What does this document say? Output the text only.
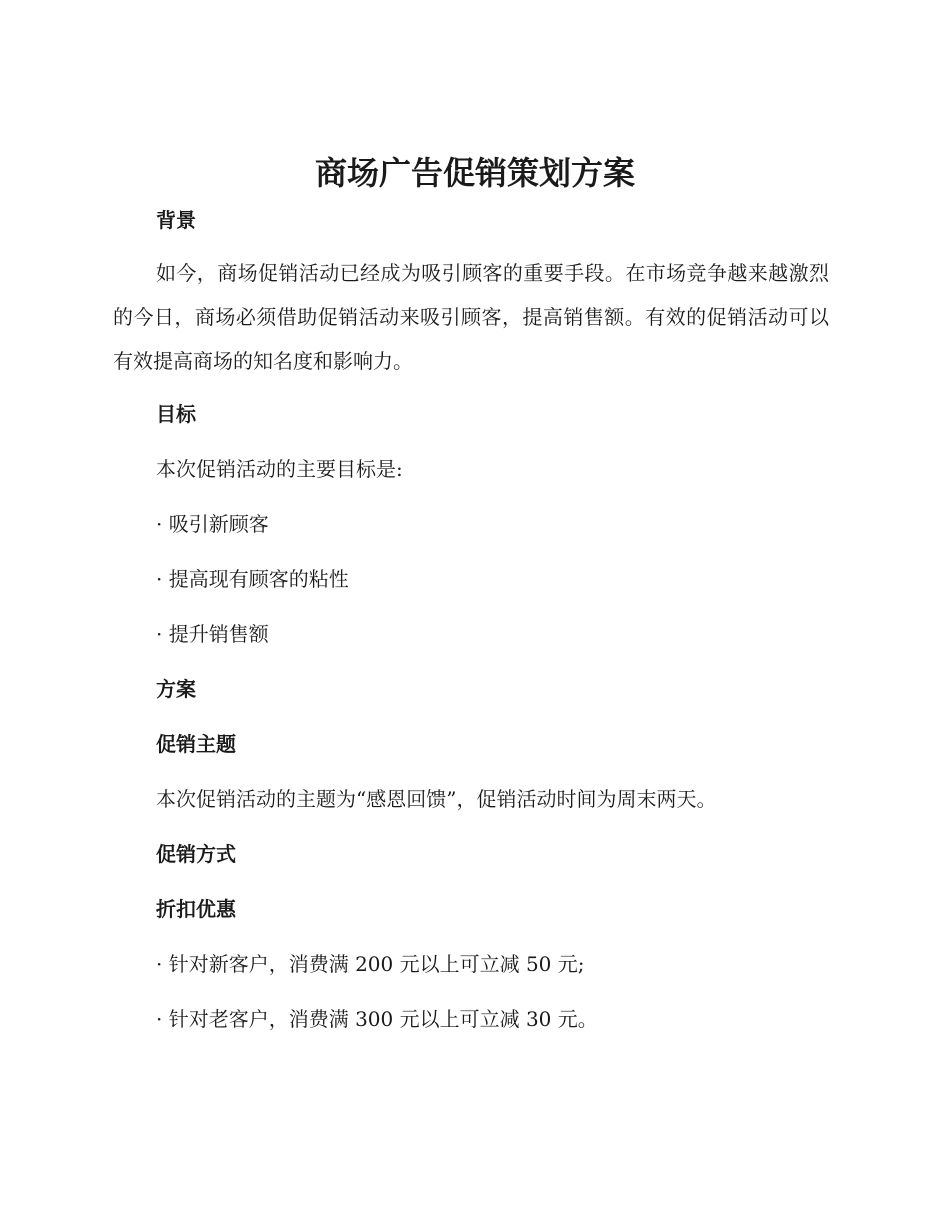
商场广告促销策划方案
背景

如今，商场促销活动已经成为吸引顾客的重要手段。在市场竞争越来越激烈的今日，商场必须借助促销活动来吸引顾客，提高销售额。有效的促销活动可以有效提高商场的知名度和影响力。

目标

本次促销活动的主要目标是:

· 吸引新顾客

· 提高现有顾客的粘性

· 提升销售额

方案
促销主题

本次促销活动的主题为“感恩回馈”，促销活动时间为周末两天。

促销方式
折扣优惠

· 针对新客户，消费满 200 元以上可立减 50 元;

· 针对老客户，消费满 300 元以上可立减 30 元。
